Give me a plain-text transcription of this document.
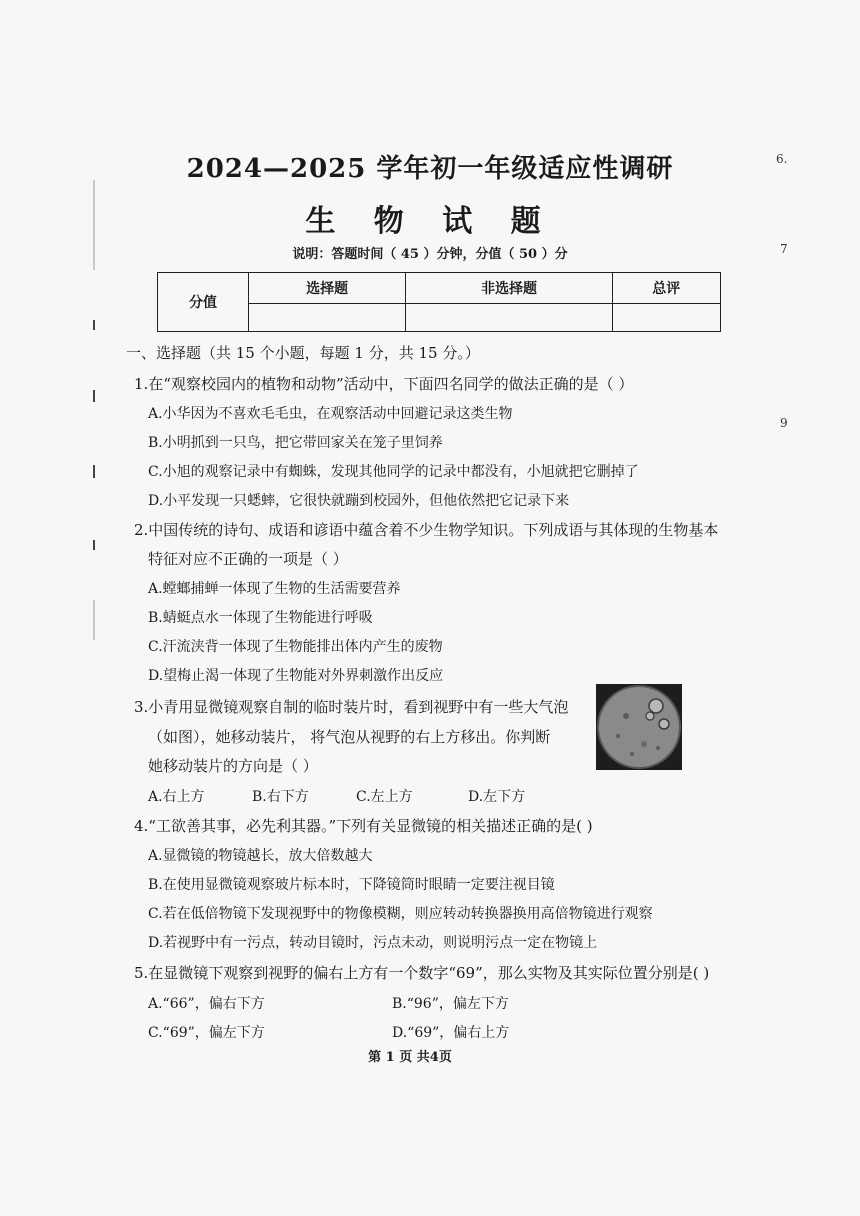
2024—2025 学年初一年级适应性调研
生 物 试 题
说明：答题时间（ 45 ）分钟，分值（ 50 ）分
分值	选择题	非选择题	总评

一、选择题（共 15 个小题，每题 1 分，共 15 分。）
1.在“观察校园内的植物和动物”活动中，下面四名同学的做法正确的是（ ）
A.小华因为不喜欢毛毛虫，在观察活动中回避记录这类生物
B.小明抓到一只鸟，把它带回家关在笼子里饲养
C.小旭的观察记录中有蜘蛛，发现其他同学的记录中都没有，小旭就把它删掉了
D.小平发现一只蟋蟀，它很快就蹦到校园外，但他依然把它记录下来
2.中国传统的诗句、成语和谚语中蕴含着不少生物学知识。下列成语与其体现的生物基本
特征对应不正确的一项是（ ）
A.螳螂捕蝉一体现了生物的生活需要营养
B.蜻蜓点水一体现了生物能进行呼吸
C.汗流浃背一体现了生物能排出体内产生的废物
D.望梅止渴一体现了生物能对外界刺激作出反应
3.小青用显微镜观察自制的临时装片时，看到视野中有一些大气泡
（如图），她移动装片， 将气泡从视野的右上方移出。你判断
她移动装片的方向是（ ）
A.右上方	B.右下方	C.左上方	D.左下方
4.“工欲善其事，必先利其器。”下列有关显微镜的相关描述正确的是( )
A.显微镜的物镜越长，放大倍数越大
B.在使用显微镜观察玻片标本时，下降镜筒时眼睛一定要注视目镜
C.若在低倍物镜下发现视野中的物像模糊，则应转动转换器换用高倍物镜进行观察
D.若视野中有一污点，转动目镜时，污点未动，则说明污点一定在物镜上
5.在显微镜下观察到视野的偏右上方有一个数字“69”，那么实物及其实际位置分别是( )
A.“66”，偏右下方	B.“96”，偏左下方
C.“69”，偏左下方	D.“69”，偏右上方
第 1 页 共4页
6.
7
9
